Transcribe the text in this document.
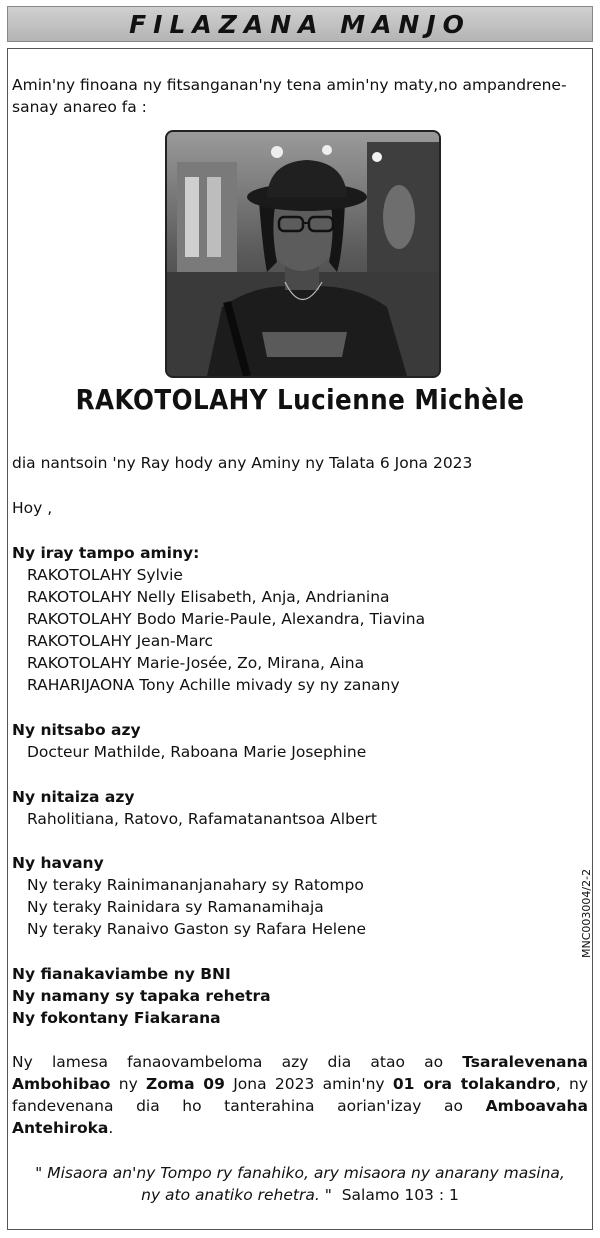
FILAZANA MANJO
Amin'ny finoana ny fitsanganan'ny tena amin'ny maty,no ampandrene-sanay anareo fa :
RAKOTOLAHY Lucienne Michèle
dia nantsoin 'ny Ray hody any Aminy ny Talata 6 Jona 2023
Hoy ,
Ny iray tampo aminy:
RAKOTOLAHY Sylvie
RAKOTOLAHY Nelly Elisabeth, Anja, Andrianina
RAKOTOLAHY Bodo Marie-Paule, Alexandra, Tiavina
RAKOTOLAHY Jean-Marc
RAKOTOLAHY Marie-Josée, Zo, Mirana, Aina
RAHARIJAONA Tony Achille mivady sy ny zanany
Ny nitsabo azy
Docteur Mathilde, Raboana Marie Josephine
Ny nitaiza azy
Raholitiana, Ratovo, Rafamatanantsoa Albert
Ny havany
Ny teraky Rainimananjanahary sy Ratompo
Ny teraky Rainidara sy Ramanamihaja
Ny teraky Ranaivo Gaston sy Rafara Helene
Ny fianakaviambe ny BNI
Ny namany sy tapaka rehetra
Ny fokontany Fiakarana
Ny lamesa fanaovambeloma azy dia atao ao Tsaralevenana Ambohibao ny Zoma 09 Jona 2023 amin'ny 01 ora tolakandro, ny fandevenana dia ho tanterahina aorian'izay ao Amboavaha Antehiroka.
" Misaora an'ny Tompo ry fanahiko, ary misaora ny anarany masina,
ny ato anatiko rehetra. " Salamo 103 : 1
MNC003004/2-2
